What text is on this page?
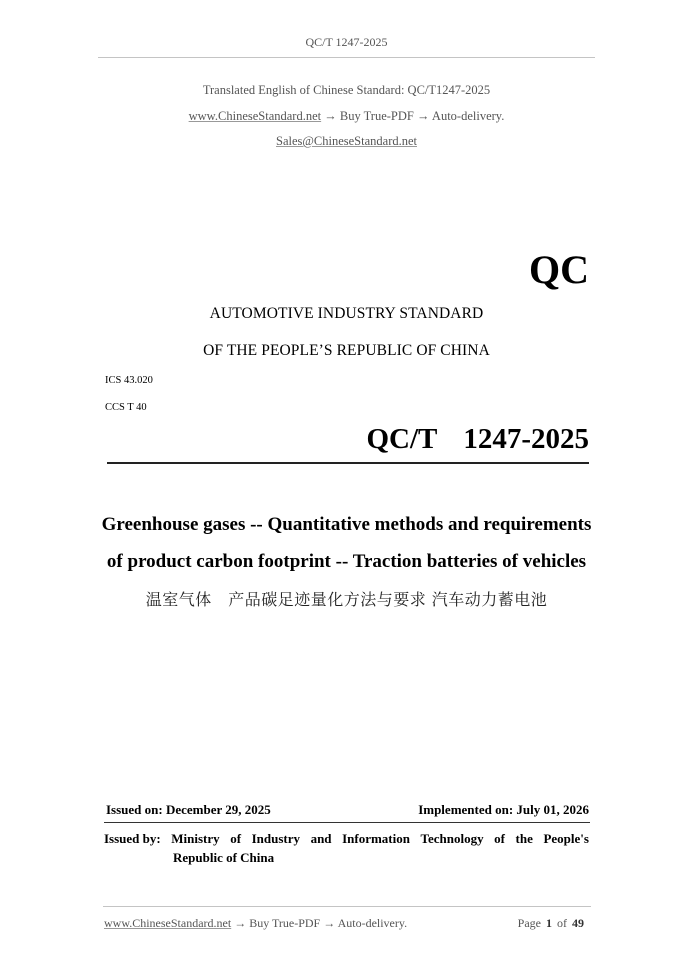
QC/T 1247-2025
Translated English of Chinese Standard: QC/T1247-2025
www.ChineseStandard.net → Buy True-PDF → Auto-delivery.
Sales@ChineseStandard.net
QC
AUTOMOTIVE INDUSTRY STANDARD
OF THE PEOPLE’S REPUBLIC OF CHINA
ICS 43.020
CCS T 40
QC/T  1247-2025
Greenhouse gases -- Quantitative methods and requirements
of product carbon footprint -- Traction batteries of vehicles
温室气体　产品碳足迹量化方法与要求 汽车动力蓄电池
Issued on: December 29, 2025	Implemented on: July 01, 2026
Issued by: Ministry of Industry and Information Technology of the People's
Republic of China
www.ChineseStandard.net → Buy True-PDF → Auto-delivery.	Page 1 of 49
